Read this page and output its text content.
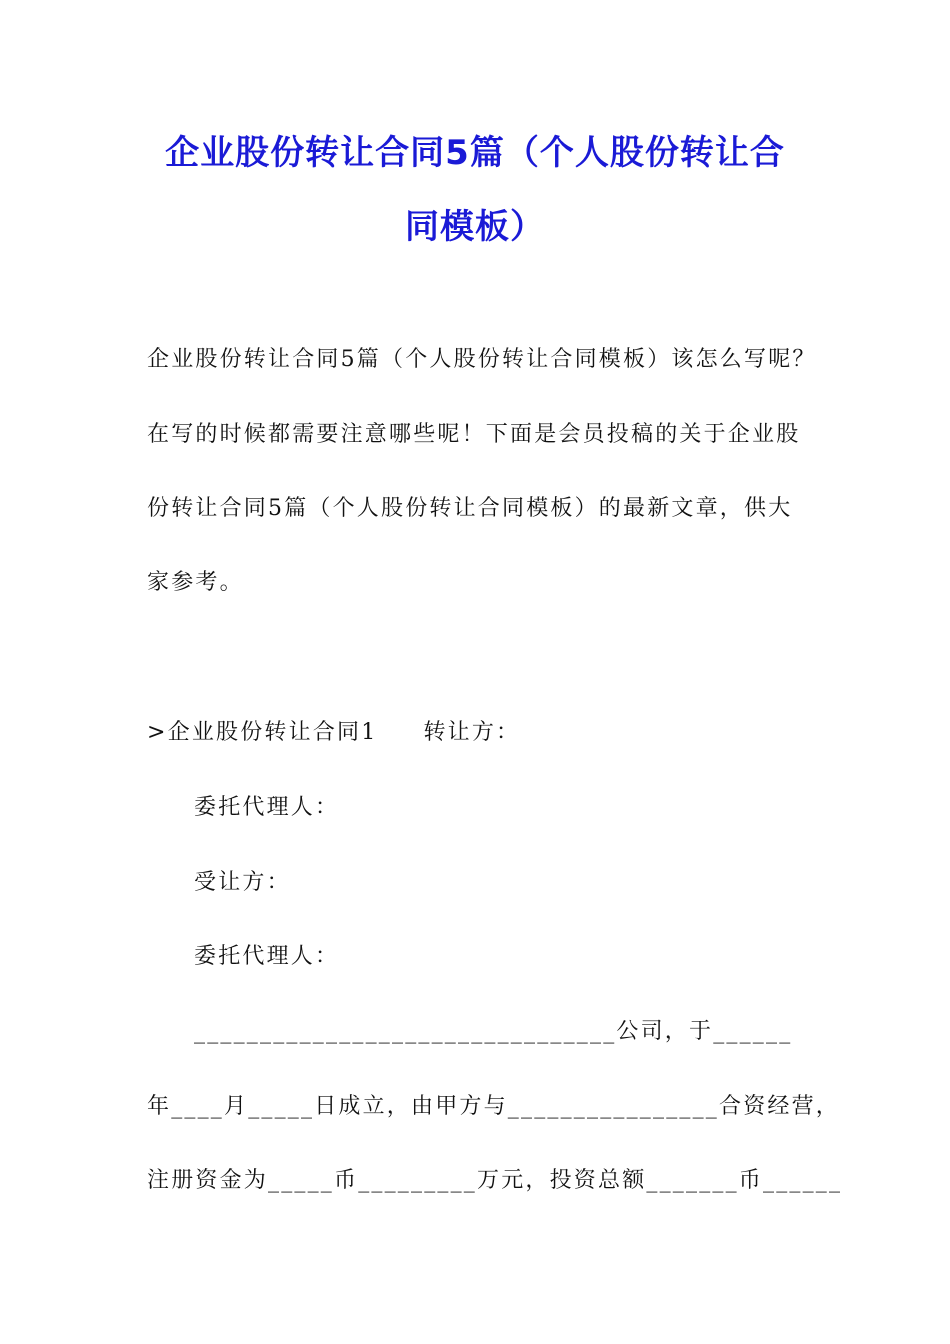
企业股份转让合同5篇（个人股份转让合
同模板）
企业股份转让合同5篇（个人股份转让合同模板）该怎么写呢？
在写的时候都需要注意哪些呢！下面是会员投稿的关于企业股
份转让合同5篇（个人股份转让合同模板）的最新文章，供大
家参考。
>企业股份转让合同1 转让方：
委托代理人：
受让方：
委托代理人：
________________________________公司，于______
年____月_____日成立，由甲方与________________合资经营，
注册资金为_____币_________万元，投资总额_______币______
